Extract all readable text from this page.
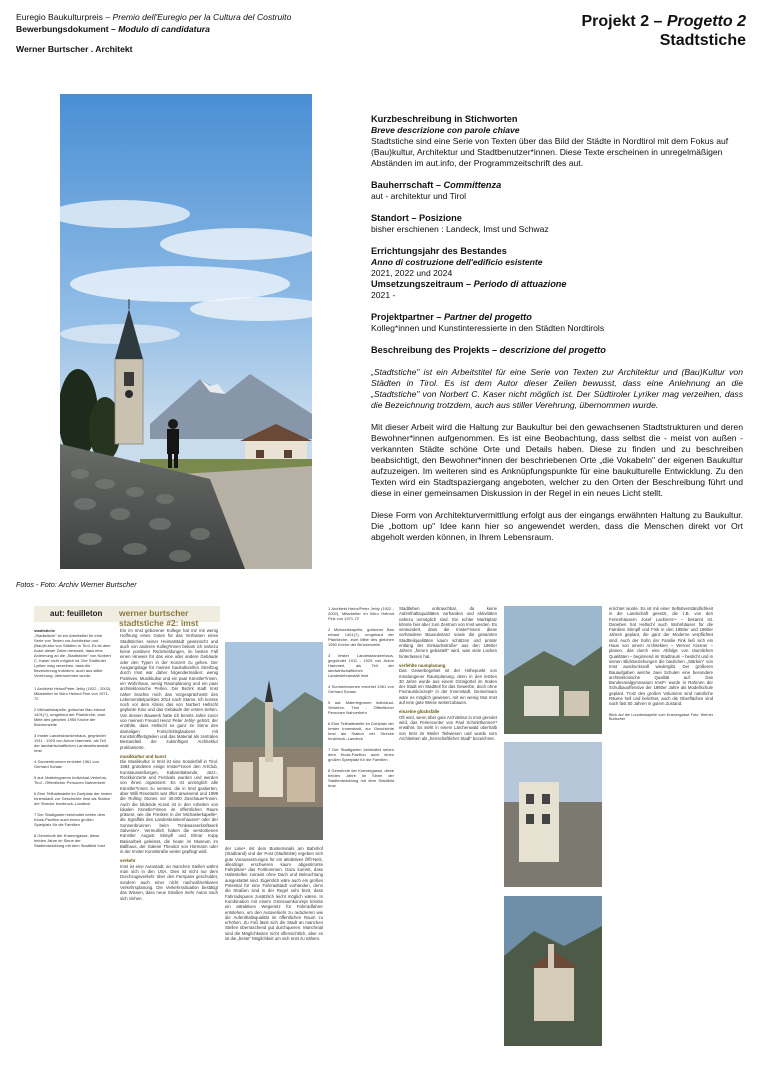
Euregio Baukulturpreis – Premio dell'Euregio per la Cultura del Costruito
Bewerbungsdokument – Modulo di candidatura
Werner Burtscher . Architekt
Projekt 2 – Progetto 2
Stadtstiche
Fotos - Foto: Archiv Werner Burtscher

Kurzbeschreibung in Stichworten

Breve descrizione con parole chiave

Stadtstiche sind eine Serie von Texten über das Bild der Städte in Nordtirol mit dem Fokus auf (Bau)kultur, Architektur und Stadtbenutzer*innen. Diese Texte erscheinen in unregelmäßigen Abständen im aut.info, der Programmzeitschrift des aut.

Bauherrschaft – Committenza

aut - architektur und Tirol

Standort – Posizione

bisher erschienen : Landeck, Imst und Schwaz

Errichtungsjahr des Bestandes

Anno di costruzione dell'edificio esistente

2021, 2022 und 2024

Umsetzungszeitraum – Periodo di attuazione

2021 -

Projektpartner – Partner del progetto

Kolleg*innen und Kunstinteressierte in den Städten Nordtirols

Beschreibung des Projekts – descrizione del progetto

„Stadtstiche" ist ein Arbeitstitel für eine Serie von Texten zur Architektur und (Bau)Kultur von Städten in Tirol. Es ist dem Autor dieser Zeilen bewusst, dass eine Anlehnung an die „Stadtstiche" von Norbert C. Kaser nicht möglich ist. Der Südtiroler Lyriker mag verzeihen, dass die Bezeichnung trotzdem, auch aus stiller Verehrung, übernommen wurde.

Mit dieser Arbeit wird die Haltung zur Baukultur bei den gewachsenen Stadtstrukturen und deren Bewohner*innen aufgenommen. Es ist eine Beobachtung, dass selbst die - meist von außen - verkannten Städte schöne Orte und Details haben. Diese zu finden und zu beschreiben beabsichtigt, den Bewohner*innen der beschriebenen Orte „die Vokabeln" der eigenen Baukultur aufzuzeigen. Im weiteren sind es Anknüpfungspunkte für eine baukulturelle Entwicklung. Zu den Texten wird ein Stadtspaziergang angeboten, welcher zu den Orten der Beschreibung führt und diese in einer gemeinsamen Diskussion in der Regel in ein neues Licht stellt.

Diese Form von Architekturvermittlung erfolgt aus der eingangs erwähnten Haltung zu Baukultur. Die „bottom up" Idee kann hier so angewendet werden, dass die Menschen direkt vor Ort abgeholt werden können, in Ihrem Lebensraum.

aut: feuilleton werner burtscher
stadtstiche #2: imst
stadtstiche
„Stadtstiche" ist ein Arbeitstitel für eine Serie von Texten zur Architektur und (Bau)Kultur von Städten in Tirol. Es ist dem Autor dieser Zeilen bewusst, dass eine Anlehnung an die „Stadtstiche" von Norbert C. Kaser nicht möglich ist. Der Südtiroler Lyriker mag verzeihen, dass die Bezeichnung trotzdem, auch aus stiller Verehrung, übernommen wurde.
1 Architekt Heinz/Peter Jehly (1922 - 2002), Mitarbeiter im Büro Helmut Fink von 1971-72
2 Michaelskapelle, gotischer Bau erbaut 1401(?), umgebaut der Pfarrkirche, zwei Mitte des gleichen 1950 Kirche der Brückenzeile
3 Imster Landeskrankenhaus, gegründet 1911 - 1929 von Anton Hammerl, als Teil der landwirtschaftlichen Landeslehranstalt Imst
4 Sonnenbrunnen errichtet 1961 von Gerhard Schatz
5 aut: Materiegramm Individual-Verkehrs, Tirol - Öffentlicher Personen Nahverkehr
6 Eine Teilhaltestelle im Dorfplatz der Imster Innenstadt, zur Geschichte Imst als Station der Strecke Innsbruck–Landeck
7 Der Stadtgarten beinhaltet neben dem Kiosk-Pavillon auch einen großen Spielplatz für die Familien
8 Gemeinde der Kramergasse, diese beiden Jahre im Sinne der Stadtentwicklung mit dem Stadtbild Imst
Ein im Imst geborener Kollege hat mir mit wenig Hoffnung eines Gutes für das Verfassen eines Stadtstiches seiner Heimatstadt gewünscht und auch von anderen Kolleg*innen bekam ich nahezu keine positiven Rückmeldungen, im besten Fall einen Hinweis für das eine oder andere Gebäude oder den Typen in der Konzert zu gehen. Der Ausgangslage für meinen baukulturellen Streifzug durch Imst war daher folgendermaßen: wenig Positives, Musikkultur und ein paar Künstler*innen, ein Wohnhaus, wenig Raumplanung und ein paar architektonische Perlen. Der Bezirk stadt Imst näher brachte mich das Vorgesprächsmit des Lebensmittelpunktes 2014 nach Stams. Ich konnte noch vor dem Abriss das von Norbert Heltschl geplante Kino und das Gebäude der ersten Sehen. Von dessen Bauwerk hatte ich bereits Jahre zuvor von meinem Freund Heinz Peter Jehly¹ gehört, der erzählte, dass Heltschl es ganz im Sinne des damaligen Fortschrittsglaubens mit Kunststofffertigteilen und das Material als zentralen Bestandteil der zukünftigen Architektur proklamierte.
musikkultur und kunst
Die Musikkultur in Imst ist eine Sonderfall in Tirol. 1984 gründeten einige Imster*innen den ArtClub, Kunstausstellungen, Kabarettabende, Jazz-, Rockkonzerte und Festivals wurden und werden von ihnen organisiert. Es ist unmöglich alle Künstler*innen zu nennen, die in Imst gastierten, aber Willi Resetarits war öfter anwesend und 1999 die Rolling Stones vor 40.000 Zuschauer*innen. Auch die bildende Kunst ist in den Arbeiten von lokalen Künstler*innen im öffentlichen Raum präsent, wie die Fresken in der Michaelerkapelle², die Sgraffitis des Landeskrankenhauses³ oder der Sonnenbrunnen beim Trinkwasserkraftwerk Salvesen⁴. Vermutlich haben die verstorbenen Künstler August Stimpfl und Elmar Kopp Basisarbeit geleistet, die heute im Museum im Ballhaus, der Galerie Theodor von Hörmann oder in der Imster Kunststraße weiter gepflegt wird.
verkehr
Imst ist eine Autostadt, an manchen Stellen wähnt man sich in den USA. Dies ist nicht nur dem Durchzugsverkehr über den Fernpass geschuldet, sondern auch einer nicht nachvollziehbaren Verkehrsplanung. Die Verkehrssituation bestätigt das Wissen, dass neue Straßen mehr Autos nach sich ziehen.
der Linie⁵ mit dem Busterminals am Bahnhof (Stadtrand) und der Post (Stadtmitte) ergeben sich gute Voraussetzungen für ein attraktives Öffi-Netz, allerdings erschweren kaum abgestimmte Fahrpläne⁶ das Fortkommen. Dazu kommt, dass Haltestellen zumeist ohne Dach und Beleuchtung ausgestattet sind. Eigentlich wäre auch ein großes Potential für eine Fahrradstadt vorhanden, denn die Straßen sind in der Regel sehr breit, dass Fahrradspuren zusätzlich leicht möglich wären. In Kombination mit einem Grünraumkonzept könnte ein attraktives Wegenetz für Fahrradfahrer entstehen, um den Autoverkehr zu reduzieren wie die Aufenthaltsqualität im öffentlichen Raum zu erhöhen. Zu Fuß lässt sich die Stadt an manchen Stellen überraschend gut durchqueren. Manchmal sind die Möglichkeiten nicht offensichtlich, aber es ist die „beste" Möglichkeit um sich Imst zu nähern.
1 Architekt Heinz/Peter Jehly (1922 - 2002), Mitarbeiter im Büro Helmut Fink von 1971-72
2 Michaelskapelle, gotischer Bau erbaut 1401(?), umgebaut der Pfarrkirche, zwei Mitte des gleichen 1950 Kirche der Brückenzeile
3 Imster Landeskrankenhaus, gegründet 1911 - 1929 von Anton Hammerl, als Teil der landwirtschaftlichen Landeslehranstalt Imst
4 Sonnenbrunnen errichtet 1961 von Gerhard Schatz
5 aut: Materiegramm Individual-Verkehrs, Tirol - Öffentlicher Personen Nahverkehr
6 Eine Teilhaltestelle im Dorfplatz der Imster Innenstadt, zur Geschichte Imst als Station der Strecke Innsbruck–Landeck
7 Der Stadtgarten beinhaltet neben dem Kiosk-Pavillon auch einen großen Spielplatz für die Familien
8 Gemeinde der Kramergasse, diese beiden Jahre im Sinne der Stadtentwicklung mit dem Stadtbild Imst
Stadtleben unbrauchbar, da keine Aufenthaltsqualitäten vorhanden und Aktivitäten nahezu unmöglich sind. Ein echter Marktplatz könnte hier aber zum Zentrum von Imst werden. Es verwundert, dass die Imster*innen diese vorhandene Bausubstanz sowie die gesamten Stadtteilqualitäten kaum schätzen und primär entlang der Einkaufsstraße⁷ aus den 1960er Jahren „herum gebastelt" wird, was viele Lücken hinterlassen hat.
verfehlte raumplanung
Das Gewerbegebiet ist der Höhepunkt von misslungener Raumplanung, denn in den letzten 30 Jahre wurde aus einem Grüngürtel im Süden der Stadt ein Stadtteil für das Gewerbe, doch ohne Freiraumkonzept⁸ in der Innenstadt. Gemeinsam wäre es möglich gewesen, mit ein wenig Mut Imst auf eine gute Weise weiterzubauen.
einzelne glücksfälle
Oft wird, wenn über gute Architektur in Imst geredet wird, das Feriencenter von Paul Schmitthenner¹³ erwähnt. Es steht in einem Lärchenwald oberhalb von Imst im Weiler Teilwiesen und wurde vom Architekten als „herrschaftlicher Stadl" bezeichnet.
errichtet wurde. Es ist mit einer Selbstverständlichkeit in die Landschaft gesetzt, die z.B. von den Ferienhäusern Josef Lackners¹⁴ – bekannt ist. Daneben hat Heltschl auch Wohnhäuser für die Familien Stimpfl und Fink in den 1950er und 1960er Jahren geplant, die ganz der Moderne verpflichtet sind. Auch der Sohn der Familie Fink ließ sich ein Haus von einem Architekten – Werner Kissner – planen, das durch eine Abfolge von räumlichen Qualitäten – beginnend im Stadtraum – besticht und in seinen Blickbeziehungen die baulichen „Stärken" von Imst ausdrucksvoll wiedergibt. Der größeren Bauaufgaben welche zwei Schulen eine besondere architektonische Qualität auf: Das Bundesrealgymnasium Imst¹⁵ wurde in Rahmen der Schulbauoffensive der 1960er Jahre als Modellschule geplant. Trotz des großen Volumens sind natürliche Räume hell und belichtet, auch die Oberflächen sind nach fast 50 Jahren in gutem Zustand.
Blick auf die Lourdeskapelle vom Kramergasse Foto: Werner Burtscher
